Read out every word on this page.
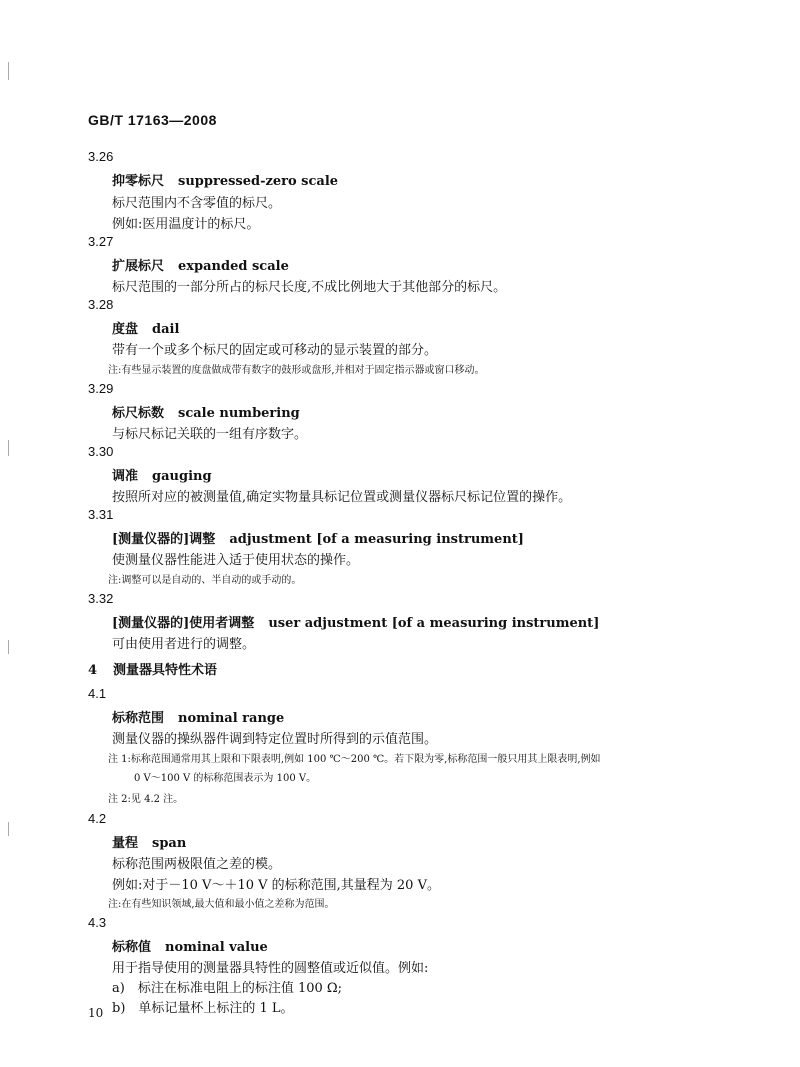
GB/T 17163—2008
3.26
抑零标尺 suppressed-zero scale
标尺范围内不含零值的标尺。
例如:医用温度计的标尺。
3.27
扩展标尺 expanded scale
标尺范围的一部分所占的标尺长度,不成比例地大于其他部分的标尺。
3.28
度盘 dail
带有一个或多个标尺的固定或可移动的显示装置的部分。
注:有些显示装置的度盘做成带有数字的鼓形或盘形,并相对于固定指示器或窗口移动。
3.29
标尺标数 scale numbering
与标尺标记关联的一组有序数字。
3.30
调准 gauging
按照所对应的被测量值,确定实物量具标记位置或测量仪器标尺标记位置的操作。
3.31
[测量仪器的]调整 adjustment [of a measuring instrument]
使测量仪器性能进入适于使用状态的操作。
注:调整可以是自动的、半自动的或手动的。
3.32
[测量仪器的]使用者调整 user adjustment [of a measuring instrument]
可由使用者进行的调整。
4 测量器具特性术语
4.1
标称范围 nominal range
测量仪器的操纵器件调到特定位置时所得到的示值范围。
注 1:标称范围通常用其上限和下限表明,例如 100 ℃～200 ℃。若下限为零,标称范围一般只用其上限表明,例如
0 V～100 V 的标称范围表示为 100 V。
注 2:见 4.2 注。
4.2
量程 span
标称范围两极限值之差的模。
例如:对于－10 V～＋10 V 的标称范围,其量程为 20 V。
注:在有些知识领域,最大值和最小值之差称为范围。
4.3
标称值 nominal value
用于指导使用的测量器具特性的圆整值或近似值。例如:
a)　标注在标准电阻上的标注值 100 Ω;
b)　单标记量杯上标注的 1 L。
10
